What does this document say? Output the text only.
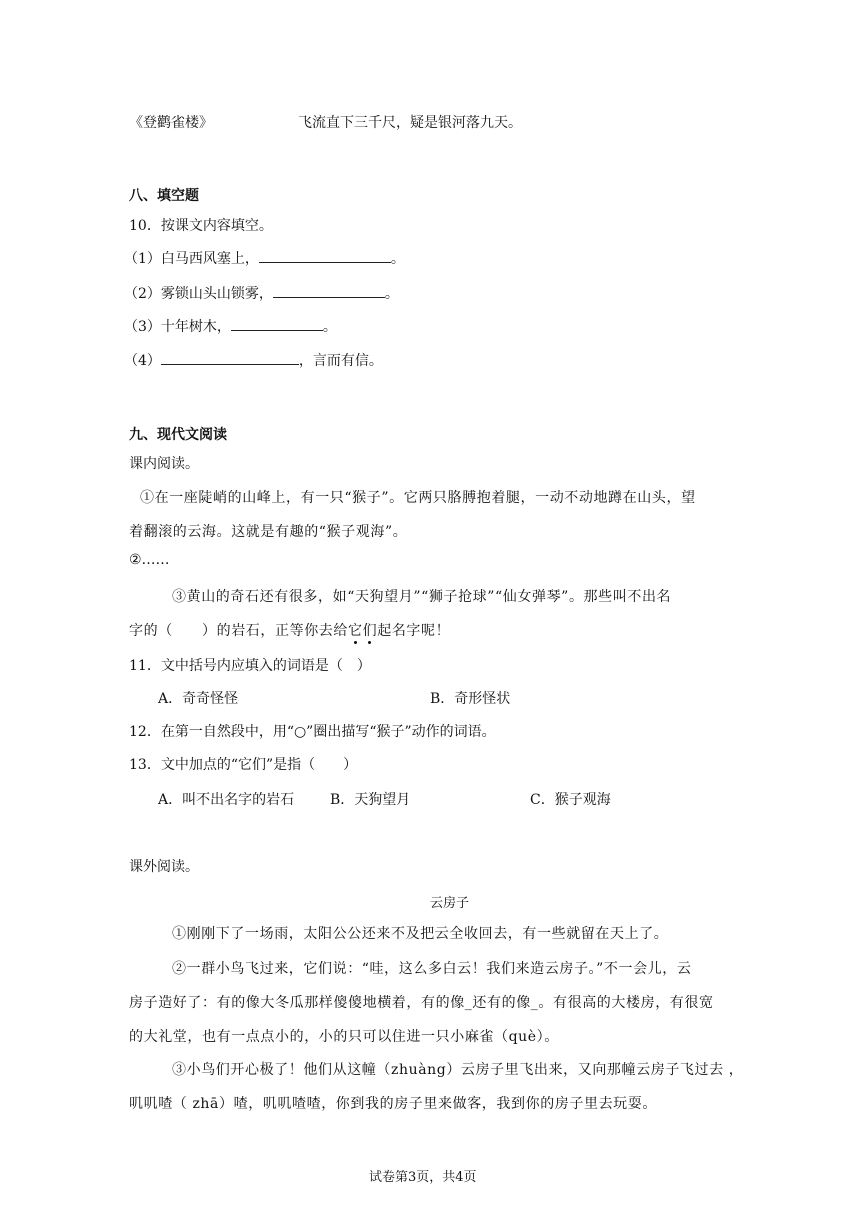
《登鹳雀楼》	飞流直下三千尺，疑是银河落九天。
八、填空题
10．按课文内容填空。
（1）白马西风塞上，	。
（2）雾锁山头山锁雾，	。
（3）十年树木，	。
（4）	，言而有信。
九、现代文阅读
课内阅读。
①在一座陡峭的山峰上，有一只“猴子”。它两只胳膊抱着腿，一动不动地蹲在山头，望
着翻滚的云海。这就是有趣的“猴子观海”。
②……
③黄山的奇石还有很多，如“天狗望月”“狮子抢球”“仙女弹琴”。那些叫不出名
字的（　　）的岩石，正等你去给它们起名字呢！
11．文中括号内应填入的词语是（　）
A．奇奇怪怪	B．奇形怪状
12．在第一自然段中，用“○”圈出描写“猴子”动作的词语。
13．文中加点的“它们”是指（　　）
A．叫不出名字的岩石	B．天狗望月	C．猴子观海
课外阅读。
云房子
①刚刚下了一场雨，太阳公公还来不及把云全收回去，有一些就留在天上了。
②一群小鸟飞过来，它们说：“哇，这么多白云！我们来造云房子。”不一会儿，云
房子造好了：有的像大冬瓜那样傻傻地横着，有的像_还有的像_。有很高的大楼房，有很宽
的大礼堂，也有一点点小的，小的只可以住进一只小麻雀（què）。
③小鸟们开心极了！他们从这幢（zhuàng）云房子里飞出来，又向那幢云房子飞过去 ，
叽叽喳（ zhā）喳，叽叽喳喳，你到我的房子里来做客，我到你的房子里去玩耍。
试卷第3页，共4页
